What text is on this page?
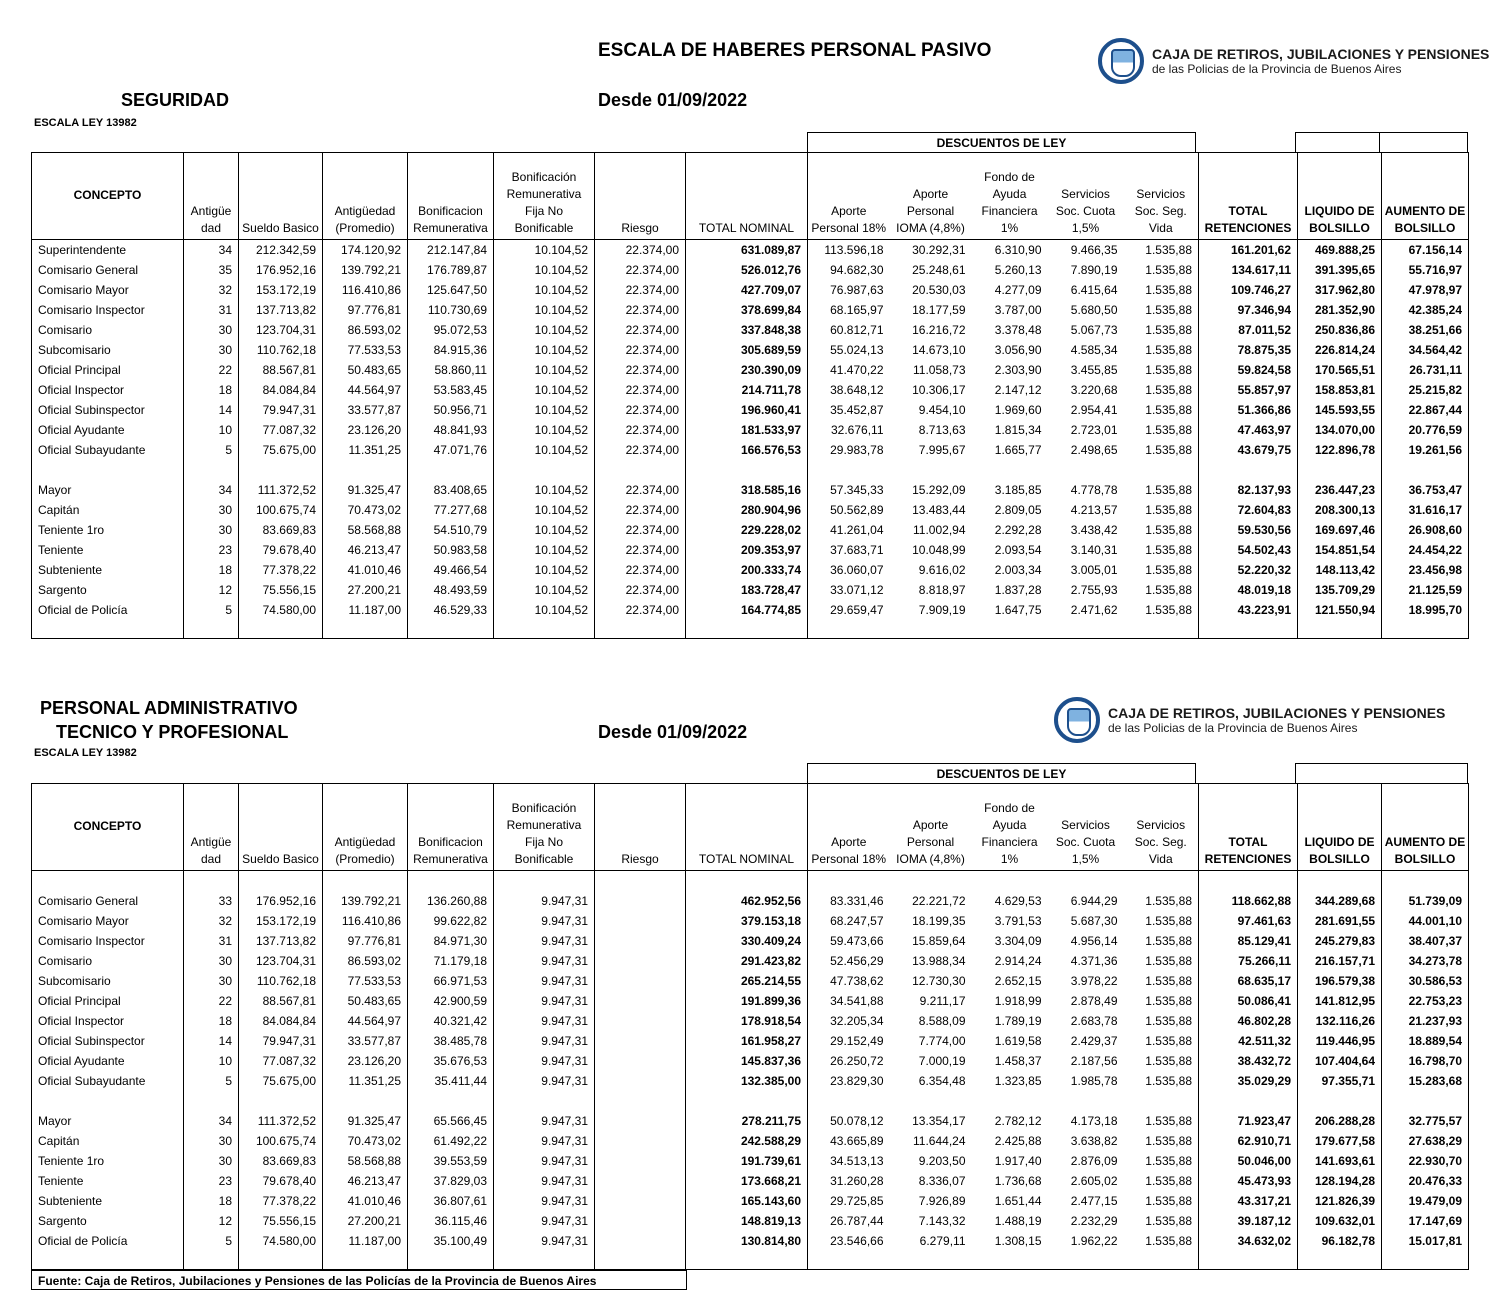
ESCALA DE HABERES PERSONAL PASIVO	CAJA DE RETIROS, JUBILACIONES Y PENSIONES
de las Policias de la Provincia de Buenos Aires
SEGURIDAD	Desde 01/09/2022
ESCALA LEY 13982
DESCUENTOS DE LEY
CONCEPTO	Antigüe dad	Sueldo Basico	Antigüedad (Promedio)	Bonificacion Remunerativa	Bonificación Remunerativa Fija No Bonificable	Riesgo	TOTAL NOMINAL	Aporte Personal 18%	Aporte Personal IOMA (4,8%)	Fondo de Ayuda Financiera 1%	Servicios Soc. Cuota 1,5%	Servicios Soc. Seg. Vida	TOTAL RETENCIONES	LIQUIDO DE BOLSILLO	AUMENTO DE BOLSILLO
Superintendente	34	212.342,59	174.120,92	212.147,84	10.104,52	22.374,00	631.089,87	113.596,18	30.292,31	6.310,90	9.466,35	1.535,88	161.201,62	469.888,25	67.156,14
Comisario General	35	176.952,16	139.792,21	176.789,87	10.104,52	22.374,00	526.012,76	94.682,30	25.248,61	5.260,13	7.890,19	1.535,88	134.617,11	391.395,65	55.716,97
Comisario Mayor	32	153.172,19	116.410,86	125.647,50	10.104,52	22.374,00	427.709,07	76.987,63	20.530,03	4.277,09	6.415,64	1.535,88	109.746,27	317.962,80	47.978,97
Comisario Inspector	31	137.713,82	97.776,81	110.730,69	10.104,52	22.374,00	378.699,84	68.165,97	18.177,59	3.787,00	5.680,50	1.535,88	97.346,94	281.352,90	42.385,24
Comisario	30	123.704,31	86.593,02	95.072,53	10.104,52	22.374,00	337.848,38	60.812,71	16.216,72	3.378,48	5.067,73	1.535,88	87.011,52	250.836,86	38.251,66
Subcomisario	30	110.762,18	77.533,53	84.915,36	10.104,52	22.374,00	305.689,59	55.024,13	14.673,10	3.056,90	4.585,34	1.535,88	78.875,35	226.814,24	34.564,42
Oficial Principal	22	88.567,81	50.483,65	58.860,11	10.104,52	22.374,00	230.390,09	41.470,22	11.058,73	2.303,90	3.455,85	1.535,88	59.824,58	170.565,51	26.731,11
Oficial Inspector	18	84.084,84	44.564,97	53.583,45	10.104,52	22.374,00	214.711,78	38.648,12	10.306,17	2.147,12	3.220,68	1.535,88	55.857,97	158.853,81	25.215,82
Oficial Subinspector	14	79.947,31	33.577,87	50.956,71	10.104,52	22.374,00	196.960,41	35.452,87	9.454,10	1.969,60	2.954,41	1.535,88	51.366,86	145.593,55	22.867,44
Oficial Ayudante	10	77.087,32	23.126,20	48.841,93	10.104,52	22.374,00	181.533,97	32.676,11	8.713,63	1.815,34	2.723,01	1.535,88	47.463,97	134.070,00	20.776,59
Oficial Subayudante	5	75.675,00	11.351,25	47.071,76	10.104,52	22.374,00	166.576,53	29.983,78	7.995,67	1.665,77	2.498,65	1.535,88	43.679,75	122.896,78	19.261,56

Mayor	34	111.372,52	91.325,47	83.408,65	10.104,52	22.374,00	318.585,16	57.345,33	15.292,09	3.185,85	4.778,78	1.535,88	82.137,93	236.447,23	36.753,47
Capitán	30	100.675,74	70.473,02	77.277,68	10.104,52	22.374,00	280.904,96	50.562,89	13.483,44	2.809,05	4.213,57	1.535,88	72.604,83	208.300,13	31.616,17
Teniente 1ro	30	83.669,83	58.568,88	54.510,79	10.104,52	22.374,00	229.228,02	41.261,04	11.002,94	2.292,28	3.438,42	1.535,88	59.530,56	169.697,46	26.908,60
Teniente	23	79.678,40	46.213,47	50.983,58	10.104,52	22.374,00	209.353,97	37.683,71	10.048,99	2.093,54	3.140,31	1.535,88	54.502,43	154.851,54	24.454,22
Subteniente	18	77.378,22	41.010,46	49.466,54	10.104,52	22.374,00	200.333,74	36.060,07	9.616,02	2.003,34	3.005,01	1.535,88	52.220,32	148.113,42	23.456,98
Sargento	12	75.556,15	27.200,21	48.493,59	10.104,52	22.374,00	183.728,47	33.071,12	8.818,97	1.837,28	2.755,93	1.535,88	48.019,18	135.709,29	21.125,59
Oficial de Policía	5	74.580,00	11.187,00	46.529,33	10.104,52	22.374,00	164.774,85	29.659,47	7.909,19	1.647,75	2.471,62	1.535,88	43.223,91	121.550,94	18.995,70

PERSONAL ADMINISTRATIVO
TECNICO Y PROFESIONAL	Desde 01/09/2022
ESCALA LEY 13982
CAJA DE RETIROS, JUBILACIONES Y PENSIONES
de las Policias de la Provincia de Buenos Aires
DESCUENTOS DE LEY
CONCEPTO	Antigüe dad	Sueldo Basico	Antigüedad (Promedio)	Bonificacion Remunerativa	Bonificación Remunerativa Fija No Bonificable	Riesgo	TOTAL NOMINAL	Aporte Personal 18%	Aporte Personal IOMA (4,8%)	Fondo de Ayuda Financiera 1%	Servicios Soc. Cuota 1,5%	Servicios Soc. Seg. Vida	TOTAL RETENCIONES	LIQUIDO DE BOLSILLO	AUMENTO DE BOLSILLO

Comisario General	33	176.952,16	139.792,21	136.260,88	9.947,31		462.952,56	83.331,46	22.221,72	4.629,53	6.944,29	1.535,88	118.662,88	344.289,68	51.739,09
Comisario Mayor	32	153.172,19	116.410,86	99.622,82	9.947,31		379.153,18	68.247,57	18.199,35	3.791,53	5.687,30	1.535,88	97.461,63	281.691,55	44.001,10
Comisario Inspector	31	137.713,82	97.776,81	84.971,30	9.947,31		330.409,24	59.473,66	15.859,64	3.304,09	4.956,14	1.535,88	85.129,41	245.279,83	38.407,37
Comisario	30	123.704,31	86.593,02	71.179,18	9.947,31		291.423,82	52.456,29	13.988,34	2.914,24	4.371,36	1.535,88	75.266,11	216.157,71	34.273,78
Subcomisario	30	110.762,18	77.533,53	66.971,53	9.947,31		265.214,55	47.738,62	12.730,30	2.652,15	3.978,22	1.535,88	68.635,17	196.579,38	30.586,53
Oficial Principal	22	88.567,81	50.483,65	42.900,59	9.947,31		191.899,36	34.541,88	9.211,17	1.918,99	2.878,49	1.535,88	50.086,41	141.812,95	22.753,23
Oficial Inspector	18	84.084,84	44.564,97	40.321,42	9.947,31		178.918,54	32.205,34	8.588,09	1.789,19	2.683,78	1.535,88	46.802,28	132.116,26	21.237,93
Oficial Subinspector	14	79.947,31	33.577,87	38.485,78	9.947,31		161.958,27	29.152,49	7.774,00	1.619,58	2.429,37	1.535,88	42.511,32	119.446,95	18.889,54
Oficial Ayudante	10	77.087,32	23.126,20	35.676,53	9.947,31		145.837,36	26.250,72	7.000,19	1.458,37	2.187,56	1.535,88	38.432,72	107.404,64	16.798,70
Oficial Subayudante	5	75.675,00	11.351,25	35.411,44	9.947,31		132.385,00	23.829,30	6.354,48	1.323,85	1.985,78	1.535,88	35.029,29	97.355,71	15.283,68

Mayor	34	111.372,52	91.325,47	65.566,45	9.947,31		278.211,75	50.078,12	13.354,17	2.782,12	4.173,18	1.535,88	71.923,47	206.288,28	32.775,57
Capitán	30	100.675,74	70.473,02	61.492,22	9.947,31		242.588,29	43.665,89	11.644,24	2.425,88	3.638,82	1.535,88	62.910,71	179.677,58	27.638,29
Teniente 1ro	30	83.669,83	58.568,88	39.553,59	9.947,31		191.739,61	34.513,13	9.203,50	1.917,40	2.876,09	1.535,88	50.046,00	141.693,61	22.930,70
Teniente	23	79.678,40	46.213,47	37.829,03	9.947,31		173.668,21	31.260,28	8.336,07	1.736,68	2.605,02	1.535,88	45.473,93	128.194,28	20.476,33
Subteniente	18	77.378,22	41.010,46	36.807,61	9.947,31		165.143,60	29.725,85	7.926,89	1.651,44	2.477,15	1.535,88	43.317,21	121.826,39	19.479,09
Sargento	12	75.556,15	27.200,21	36.115,46	9.947,31		148.819,13	26.787,44	7.143,32	1.488,19	2.232,29	1.535,88	39.187,12	109.632,01	17.147,69
Oficial de Policía	5	74.580,00	11.187,00	35.100,49	9.947,31		130.814,80	23.546,66	6.279,11	1.308,15	1.962,22	1.535,88	34.632,02	96.182,78	15.017,81

Fuente: Caja de Retiros, Jubilaciones y Pensiones de las Policías de la Provincia de Buenos Aires
